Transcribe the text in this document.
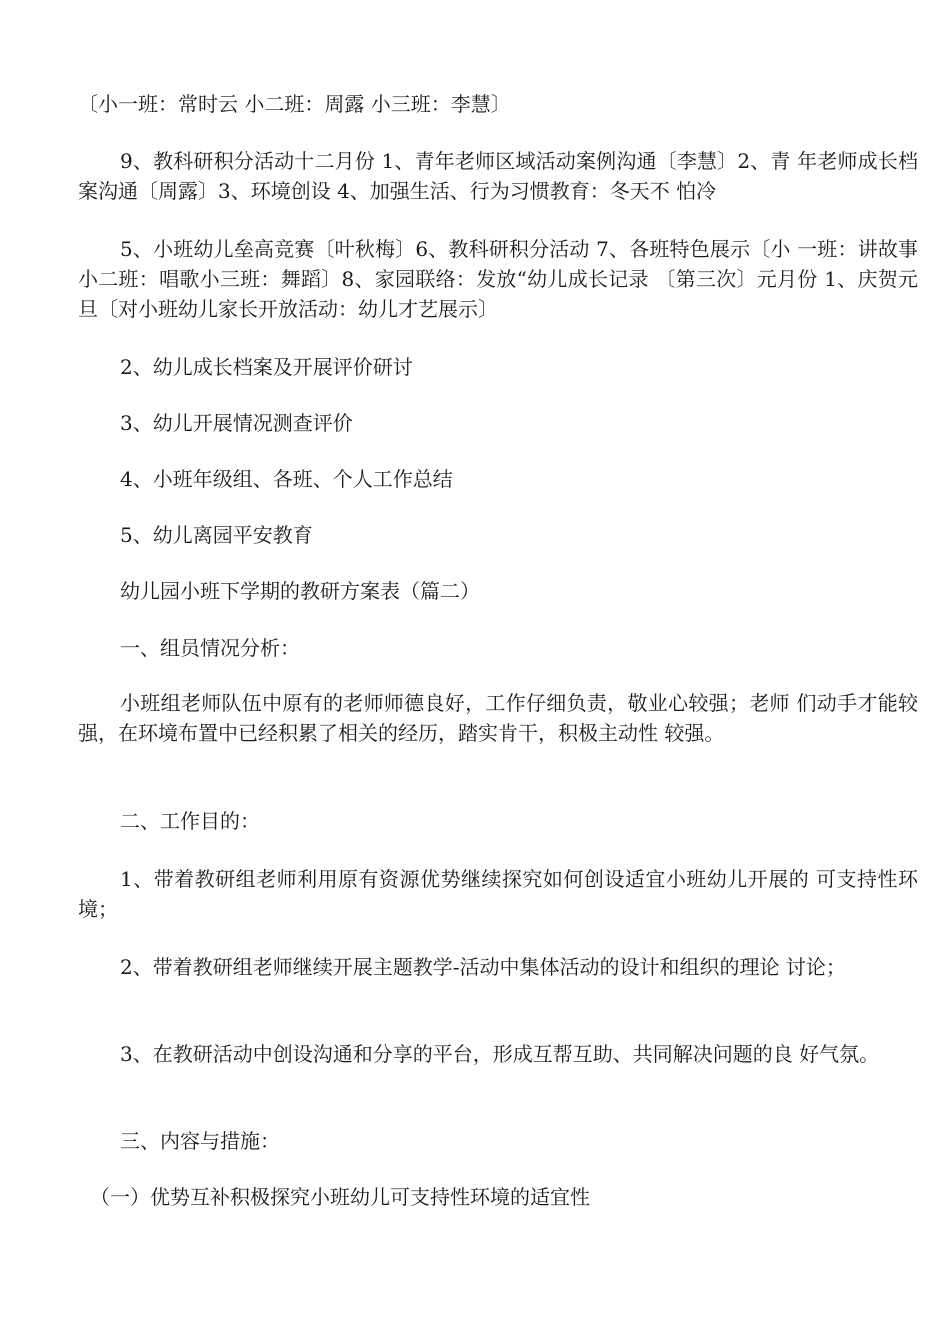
〔小一班：常时云 小二班：周露 小三班：李慧〕

9、教科研积分活动十二月份 1、青年老师区域活动案例沟通〔李慧〕2、青 年老师成长档案沟通〔周露〕3、环境创设 4、加强生活、行为习惯教育：冬天不 怕冷

5、小班幼儿垒高竞赛〔叶秋梅〕6、教科研积分活动 7、各班特色展示〔小 一班：讲故事小二班：唱歌小三班：舞蹈〕8、家园联络：发放“幼儿成长记录 〔第三次〕元月份 1、庆贺元旦〔对小班幼儿家长开放活动：幼儿才艺展示〕

2、幼儿成长档案及开展评价研讨

3、幼儿开展情况测查评价

4、小班年级组、各班、个人工作总结

5、幼儿离园平安教育

幼儿园小班下学期的教研方案表（篇二）

一、组员情况分析：

小班组老师队伍中原有的老师师德良好，工作仔细负责，敬业心较强；老师 们动手才能较强，在环境布置中已经积累了相关的经历，踏实肯干，积极主动性 较强。

二、工作目的：

1、带着教研组老师利用原有资源优势继续探究如何创设适宜小班幼儿开展的 可支持性环境；

2、带着教研组老师继续开展主题教学-活动中集体活动的设计和组织的理论 讨论；

3、在教研活动中创设沟通和分享的平台，形成互帮互助、共同解决问题的良 好气氛。

三、内容与措施：

（一）优势互补积极探究小班幼儿可支持性环境的适宜性
